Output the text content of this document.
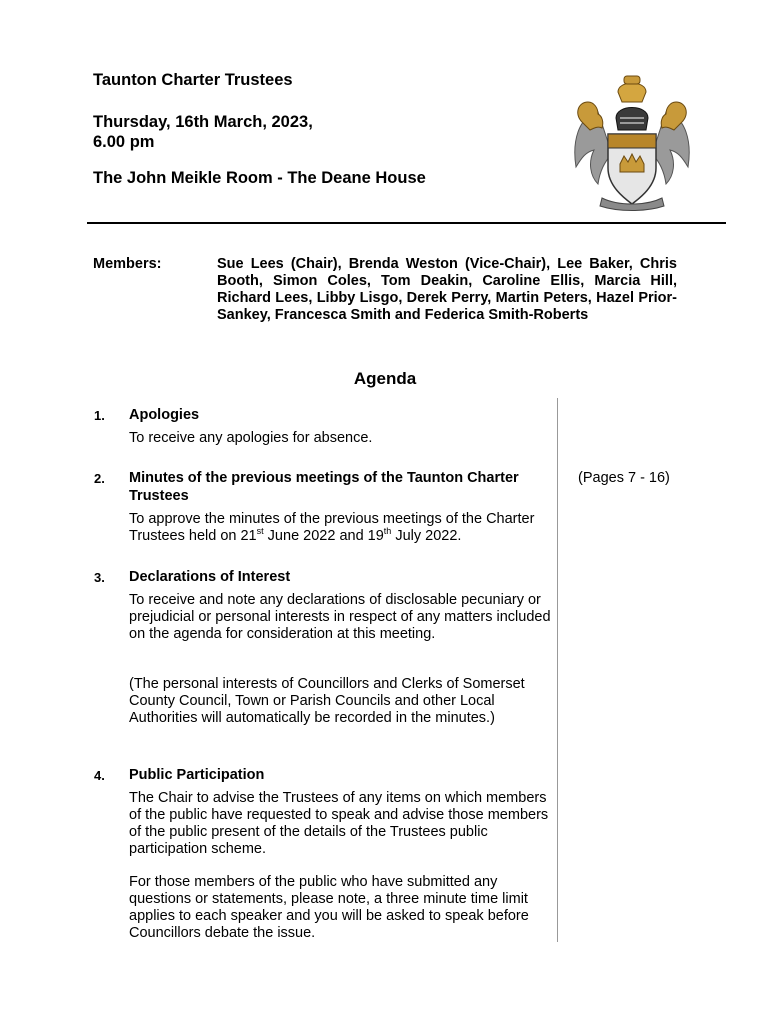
Taunton Charter Trustees
Thursday, 16th March, 2023,
6.00 pm
The John Meikle Room - The Deane House
Members:	Sue Lees (Chair), Brenda Weston (Vice-Chair), Lee Baker, Chris Booth, Simon Coles, Tom Deakin, Caroline Ellis, Marcia Hill, Richard Lees, Libby Lisgo, Derek Perry, Martin Peters, Hazel Prior-Sankey, Francesca Smith and Federica Smith-Roberts
Agenda
1. Apologies
To receive any apologies for absence.
2. Minutes of the previous meetings of the Taunton Charter Trustees
(Pages 7 - 16)
To approve the minutes of the previous meetings of the Charter Trustees held on 21st June 2022 and 19th July 2022.
3. Declarations of Interest
To receive and note any declarations of disclosable pecuniary or prejudicial or personal interests in respect of any matters included on the agenda for consideration at this meeting.
(The personal interests of Councillors and Clerks of Somerset County Council, Town or Parish Councils and other Local Authorities will automatically be recorded in the minutes.)
4. Public Participation
The Chair to advise the Trustees of any items on which members of the public have requested to speak and advise those members of the public present of the details of the Trustees public participation scheme.
For those members of the public who have submitted any questions or statements, please note, a three minute time limit applies to each speaker and you will be asked to speak before Councillors debate the issue.
